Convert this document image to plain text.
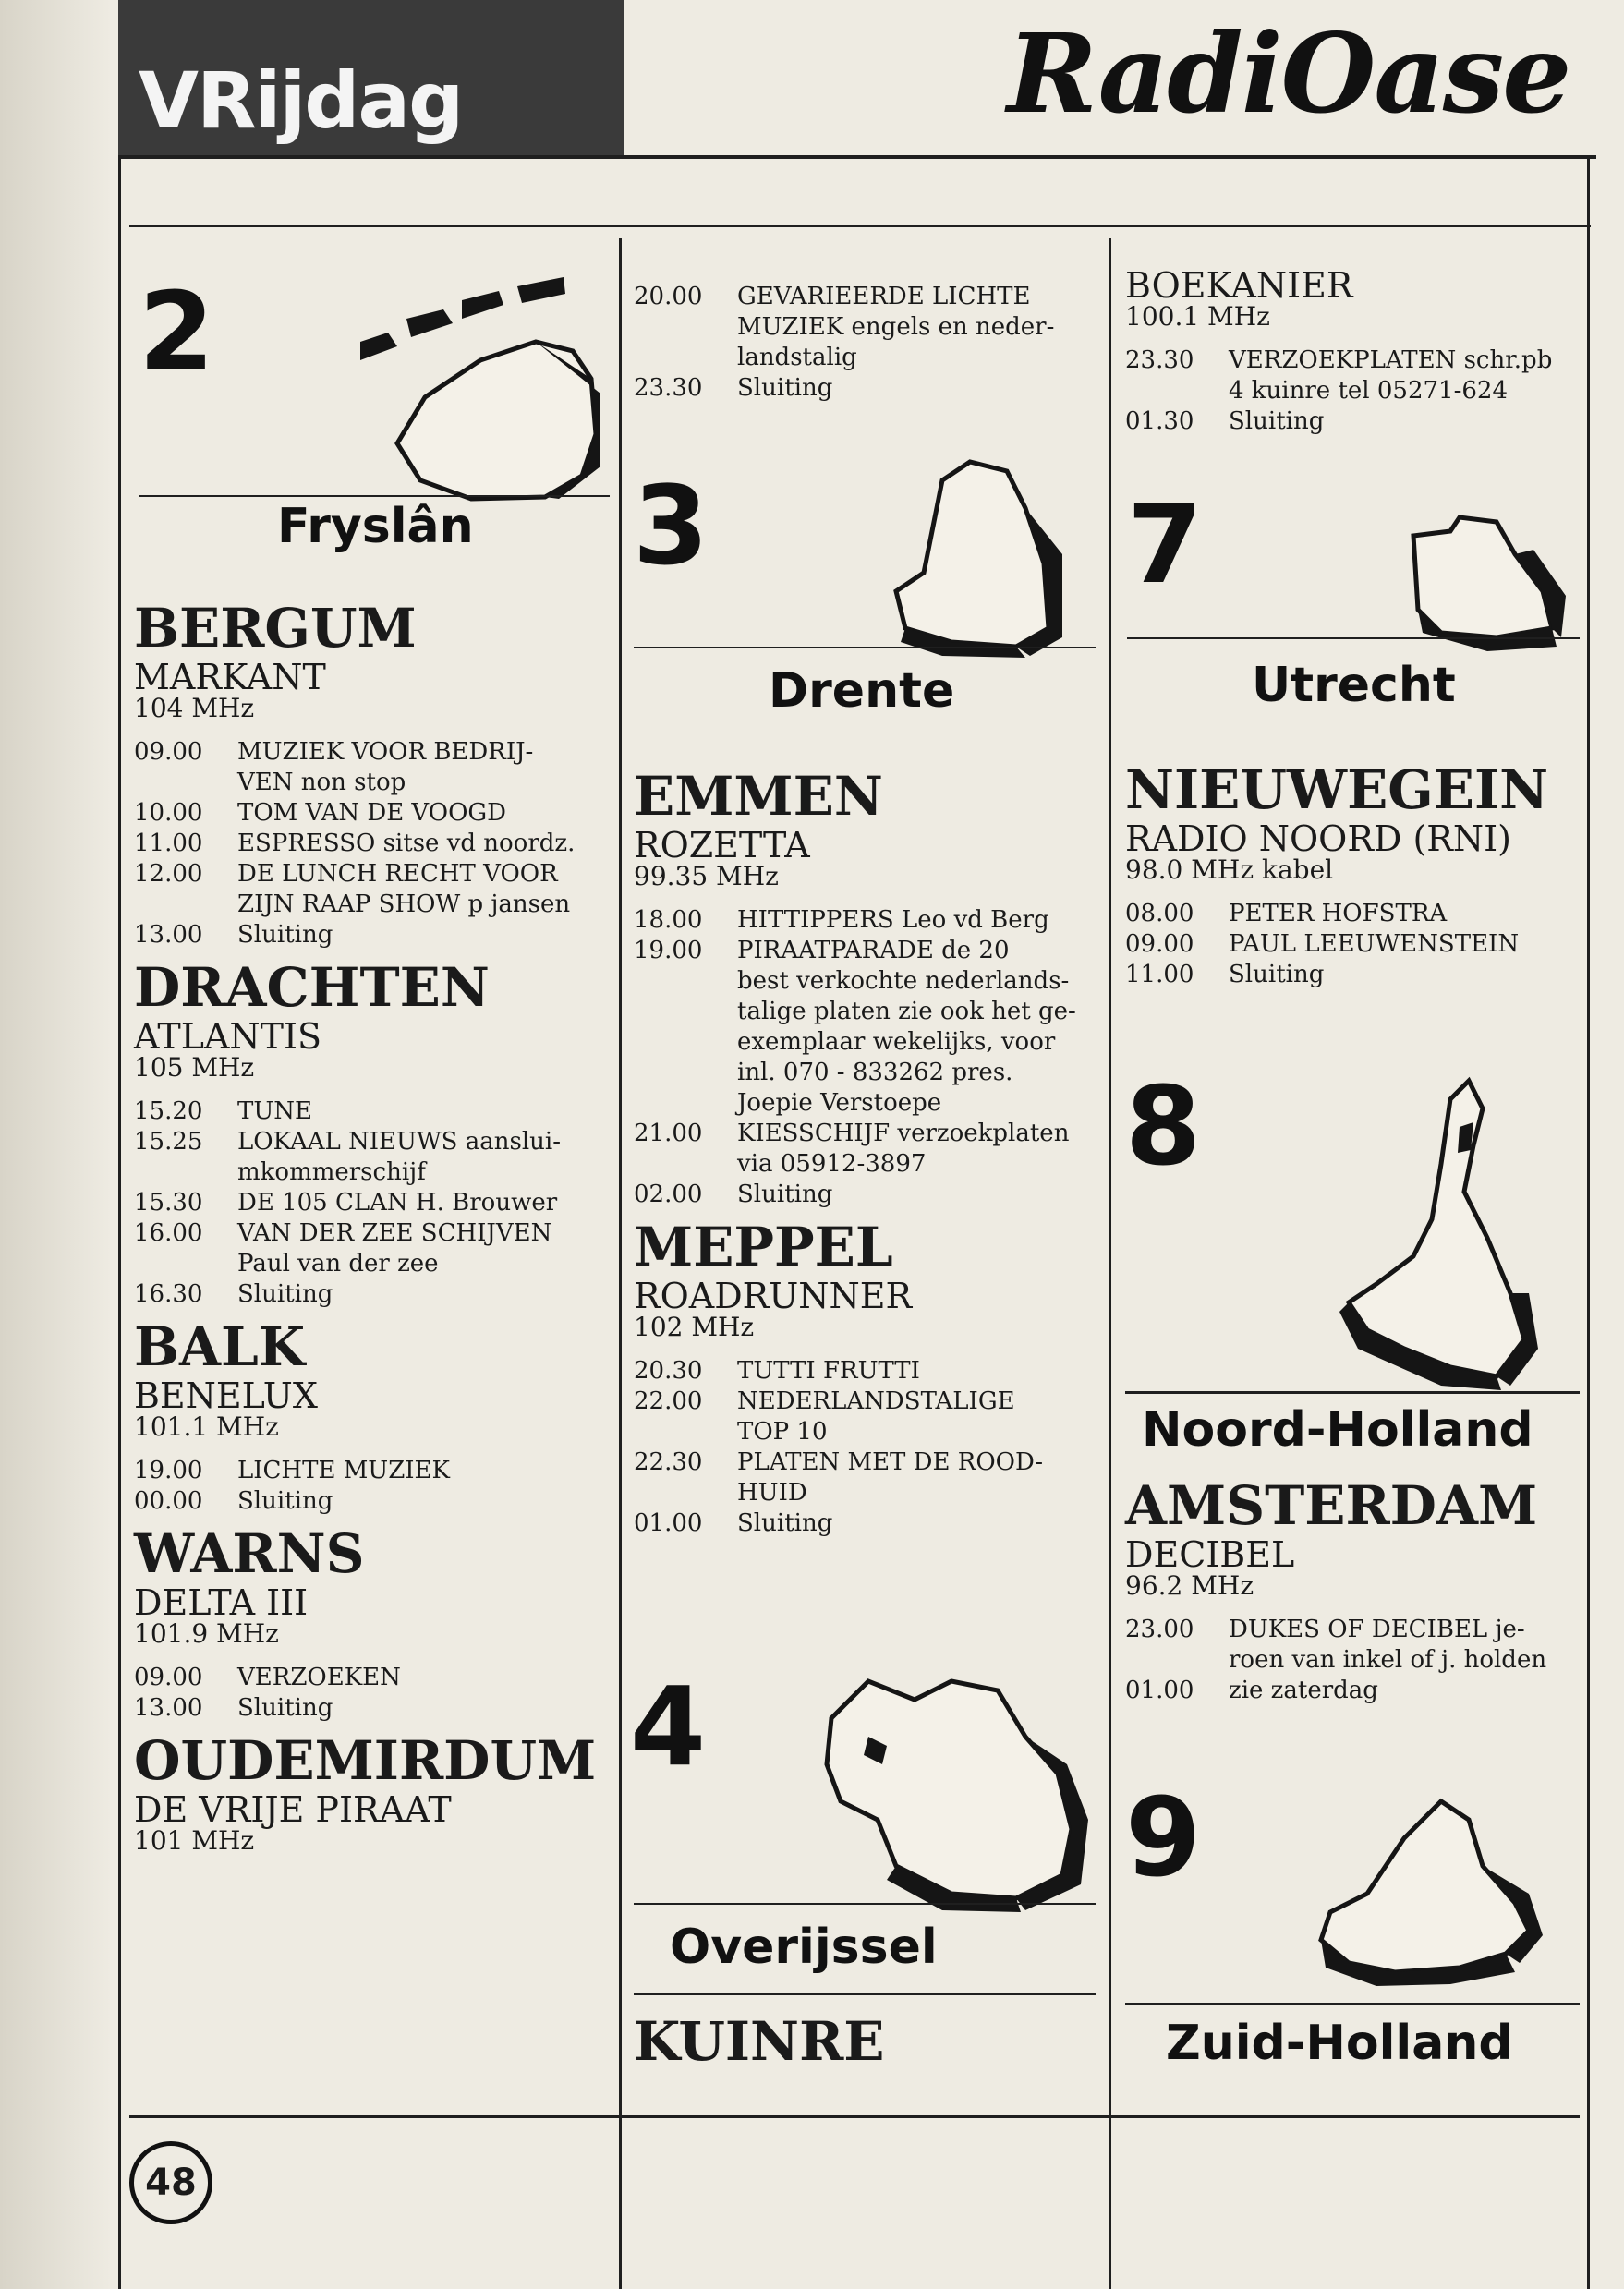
VRijdag	RadiOase
2
Fryslân
BERGUM
MARKANT
104 MHz
09.00	MUZIEK VOOR BEDRIJ-
VEN non stop
10.00	TOM VAN DE VOOGD
11.00	ESPRESSO sitse vd noordz.
12.00	DE LUNCH RECHT VOOR
ZIJN RAAP SHOW p jansen
13.00	Sluiting
DRACHTEN
ATLANTIS
105 MHz
15.20	TUNE
15.25	LOKAAL NIEUWS aanslui-
mkommerschijf
15.30	DE 105 CLAN H. Brouwer
16.00	VAN DER ZEE SCHIJVEN
Paul van der zee
16.30	Sluiting
BALK
BENELUX
101.1 MHz
19.00	LICHTE MUZIEK
00.00	Sluiting
WARNS
DELTA III
101.9 MHz
09.00	VERZOEKEN
13.00	Sluiting
OUDEMIRDUM
DE VRIJE PIRAAT
101 MHz
20.00	GEVARIEERDE LICHTE
MUZIEK engels en neder-
landstalig
23.30	Sluiting
3
Drente
EMMEN
ROZETTA
99.35 MHz
18.00	HITTIPPERS Leo vd Berg
19.00	PIRAATPARADE de 20
best verkochte nederlands-
talige platen zie ook het ge-
exemplaar wekelijks, voor
inl. 070 - 833262 pres.
Joepie Verstoepe
21.00	KIESSCHIJF verzoekplaten
via 05912-3897
02.00	Sluiting
MEPPEL
ROADRUNNER
102 MHz
20.30	TUTTI FRUTTI
22.00	NEDERLANDSTALIGE
TOP 10
22.30	PLATEN MET DE ROOD-
HUID
01.00	Sluiting
4
Overijssel
KUINRE
BOEKANIER
100.1 MHz
23.30	VERZOEKPLATEN schr.pb
4 kuinre tel 05271-624
01.30	Sluiting
7
Utrecht
NIEUWEGEIN
RADIO NOORD (RNI)
98.0 MHz kabel
08.00	PETER HOFSTRA
09.00	PAUL LEEUWENSTEIN
11.00	Sluiting
8
Noord-Holland
AMSTERDAM
DECIBEL
96.2 MHz
23.00	DUKES OF DECIBEL je-
roen van inkel of j. holden
01.00	zie zaterdag
9
Zuid-Holland
48
